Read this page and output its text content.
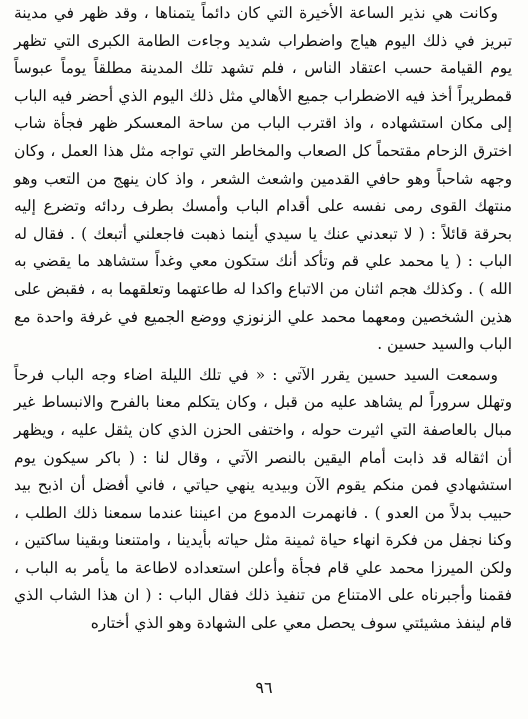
وكانت هي نذير الساعة الأخيرة التي كان دائماً يتمناها ، وقد ظهر في مدينة تبريز في ذلك اليوم هياج واضطراب شديد وجاءت الطامة الكبرى التي تظهر يوم القيامة حسب اعتقاد الناس ، فلم تشهد تلك المدينة مطلقاً يوماً عبوساً قمطريراً أخذ فيه الاضطراب جميع الأهالي مثل ذلك اليوم الذي أحضر فيه الباب إلى مكان استشهاده ، واذ اقترب الباب من ساحة المعسكر ظهر فجأة شاب اخترق الزحام مقتحماً كل الصعاب والمخاطر التي تواجه مثل هذا العمل ، وكان وجهه شاحباً وهو حافي القدمين واشعث الشعر ، واذ كان ينهج من التعب وهو منتهك القوى رمى نفسه على أقدام الباب وأمسك بطرف ردائه وتضرع إليه بحرقة قائلاً : ( لا تبعدني عنك يا سيدي أينما ذهبت فاجعلني أتبعك ) . فقال له الباب : ( يا محمد علي قم وتأكد أنك ستكون معي وغداً ستشاهد ما يقضي به الله ) . وكذلك هجم اثنان من الاتباع واكدا له طاعتهما وتعلقهما به ، فقبض على هذين الشخصين ومعهما محمد علي الزنوزي ووضع الجميع في غرفة واحدة مع الباب والسيد حسين .

وسمعت السيد حسين يقرر الآتي : « في تلك الليلة اضاء وجه الباب فرحاً وتهلل سروراً لم يشاهد عليه من قبل ، وكان يتكلم معنا بالفرح والانبساط غير مبال بالعاصفة التي اثيرت حوله ، واختفى الحزن الذي كان يثقل عليه ، ويظهر أن اثقاله قد ذابت أمام اليقين بالنصر الآتي ، وقال لنا : ( باكر سيكون يوم استشهادي فمن منكم يقوم الآن وبيديه ينهي حياتي ، فاني أفضل أن اذبح بيد حبيب بدلاً من العدو ) . فانهمرت الدموع من اعيننا عندما سمعنا ذلك الطلب ، وكنا نجفل من فكرة انهاء حياة ثمينة مثل حياته بأيدينا ، وامتنعنا وبقينا ساكتين ، ولكن الميرزا محمد علي قام فجأة وأعلن استعداده لاطاعة ما يأمر به الباب ، فقمنا وأجبرناه على الامتناع من تنفيذ ذلك فقال الباب : ( ان هذا الشاب الذي قام لينفذ مشيئتي سوف يحصل معي على الشهادة وهو الذي أختاره

٩٦
